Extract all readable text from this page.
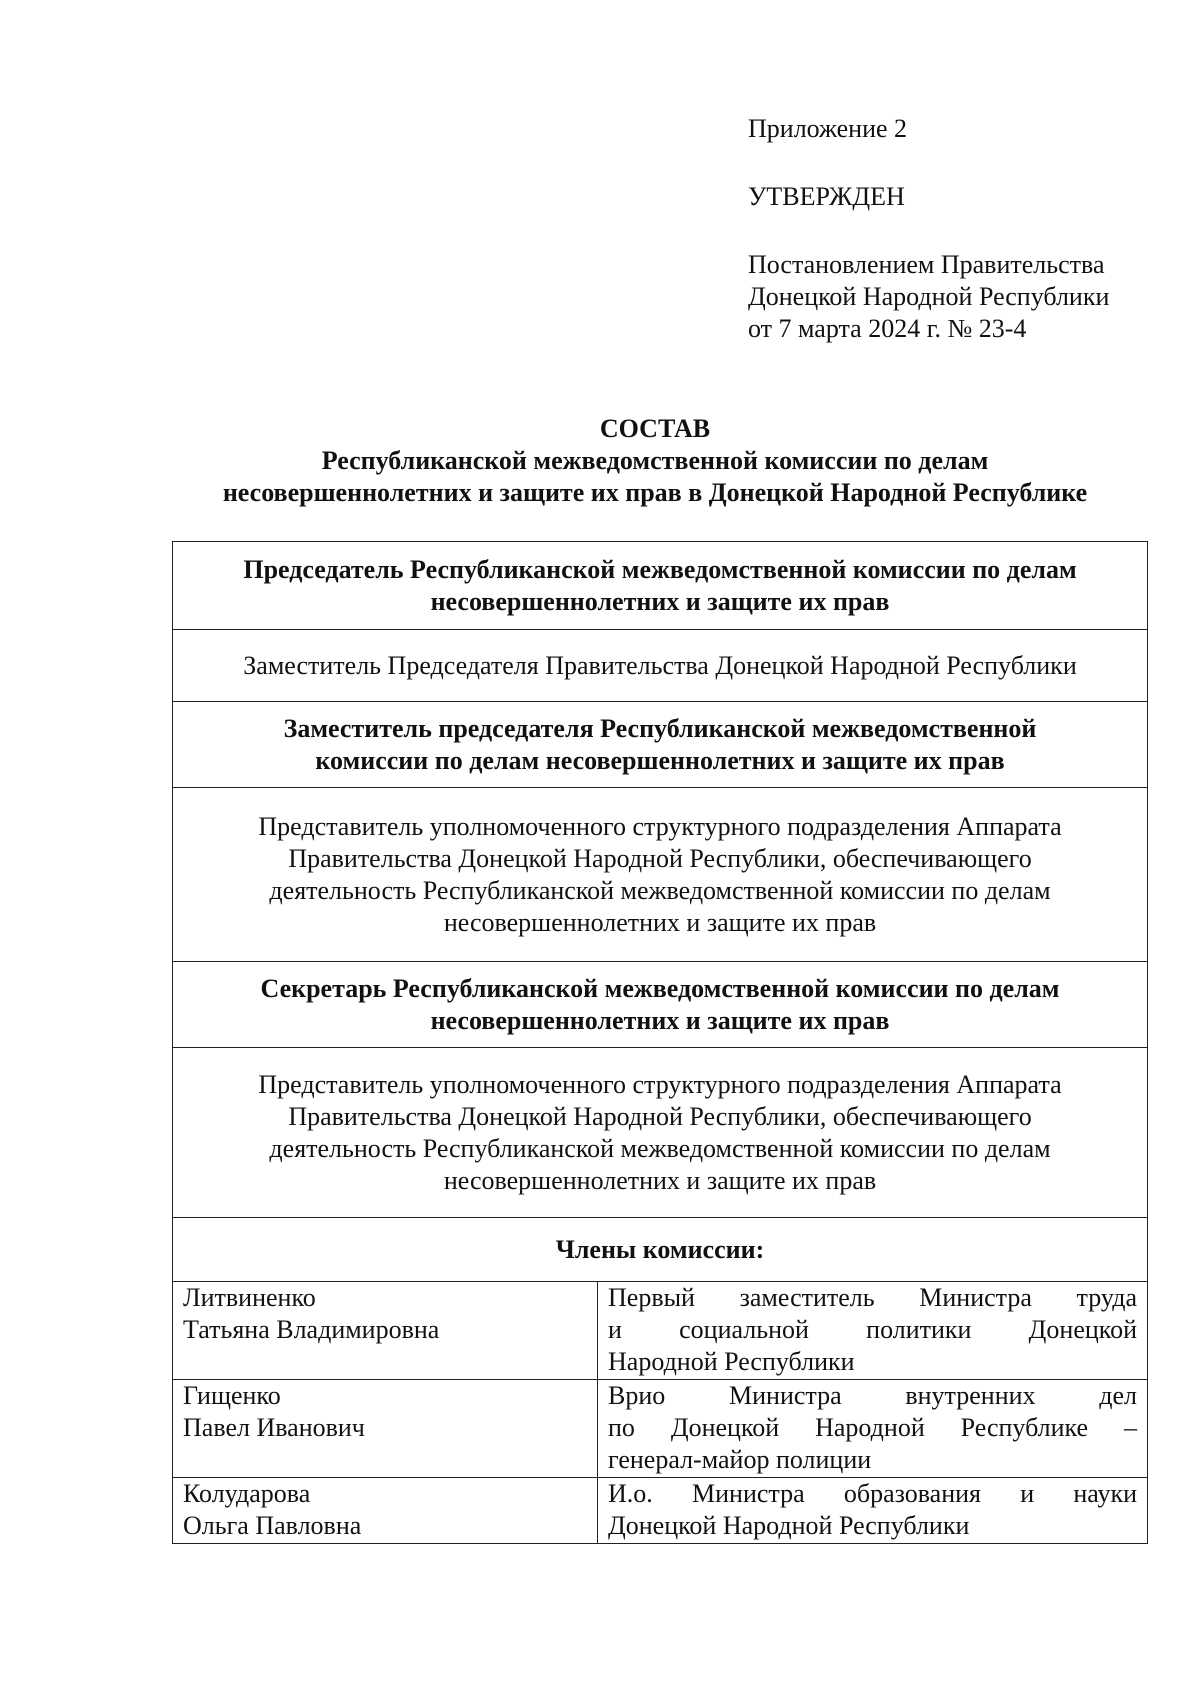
Приложение 2
УТВЕРЖДЕН
Постановлением Правительства
Донецкой Народной Республики
от 7 марта 2024 г. № 23-4
СОСТАВ
Республиканской межведомственной комиссии по делам
несовершеннолетних и защите их прав в Донецкой Народной Республике
Председатель Республиканской межведомственной комиссии по делам
несовершеннолетних и защите их прав	

Заместитель Председателя Правительства Донецкой Народной Республики	

Заместитель председателя Республиканской межведомственной
комиссии по делам несовершеннолетних и защите их прав	

Представитель уполномоченного структурного подразделения Аппарата
Правительства Донецкой Народной Республики, обеспечивающего
деятельность Республиканской межведомственной комиссии по делам
несовершеннолетних и защите их прав	

Секретарь Республиканской межведомственной комиссии по делам
несовершеннолетних и защите их прав	

Представитель уполномоченного структурного подразделения Аппарата
Правительства Донецкой Народной Республики, обеспечивающего
деятельность Республиканской межведомственной комиссии по делам
несовершеннолетних и защите их прав	

Члены комиссии:	

Литвиненко
Татьяна Владимировна	Первый заместитель Министра труда
и социальной политики Донецкой
Народной Республики

Гищенко
Павел Иванович	Врио Министра внутренних дел
по Донецкой Народной Республике –
генерал-майор полиции

Колударова
Ольга Павловна	И.о. Министра образования и науки
Донецкой Народной Республики
